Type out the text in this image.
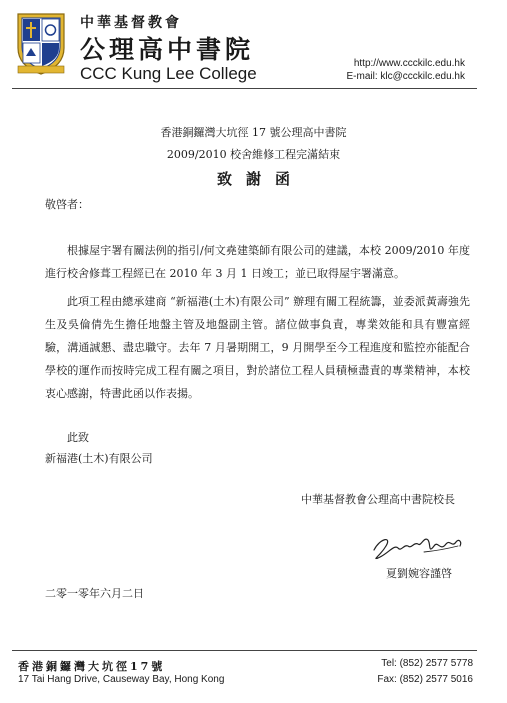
中華基督教會
公理高中書院
CCC Kung Lee College
http://www.ccckilc.edu.hk
E-mail: klc@ccckilc.edu.hk
香港銅鑼灣大坑徑 17 號公理高中書院
2009/2010 校舍維修工程完滿結束
致謝函
敬啓者：
根據屋宇署有關法例的指引/何文堯建築師有限公司的建議，本校 2009/2010 年度進行校舍修葺工程經已在 2010 年 3 月 1 日竣工；並已取得屋宇署滿意。
此項工程由總承建商 “新福港(土木)有限公司” 辦理有關工程統籌，並委派黃壽強先生及吳倫倩先生擔任地盤主管及地盤副主管。諸位做事負責，專業效能和具有豐富經驗，溝通誠懇、盡忠職守。去年 7 月暑期開工，9 月開學至今工程進度和監控亦能配合學校的運作而按時完成工程有關之項目，對於諸位工程人員積極盡責的專業精神，本校衷心感謝，特書此函以作表揚。
此致
新福港(土木)有限公司
中華基督教會公理高中書院校長
夏劉婉容謹啓
二零一零年六月二日
香港銅鑼灣大坑徑17號
17 Tai Hang Drive, Causeway Bay, Hong Kong
Tel: (852) 2577 5778
Fax: (852) 2577 5016
